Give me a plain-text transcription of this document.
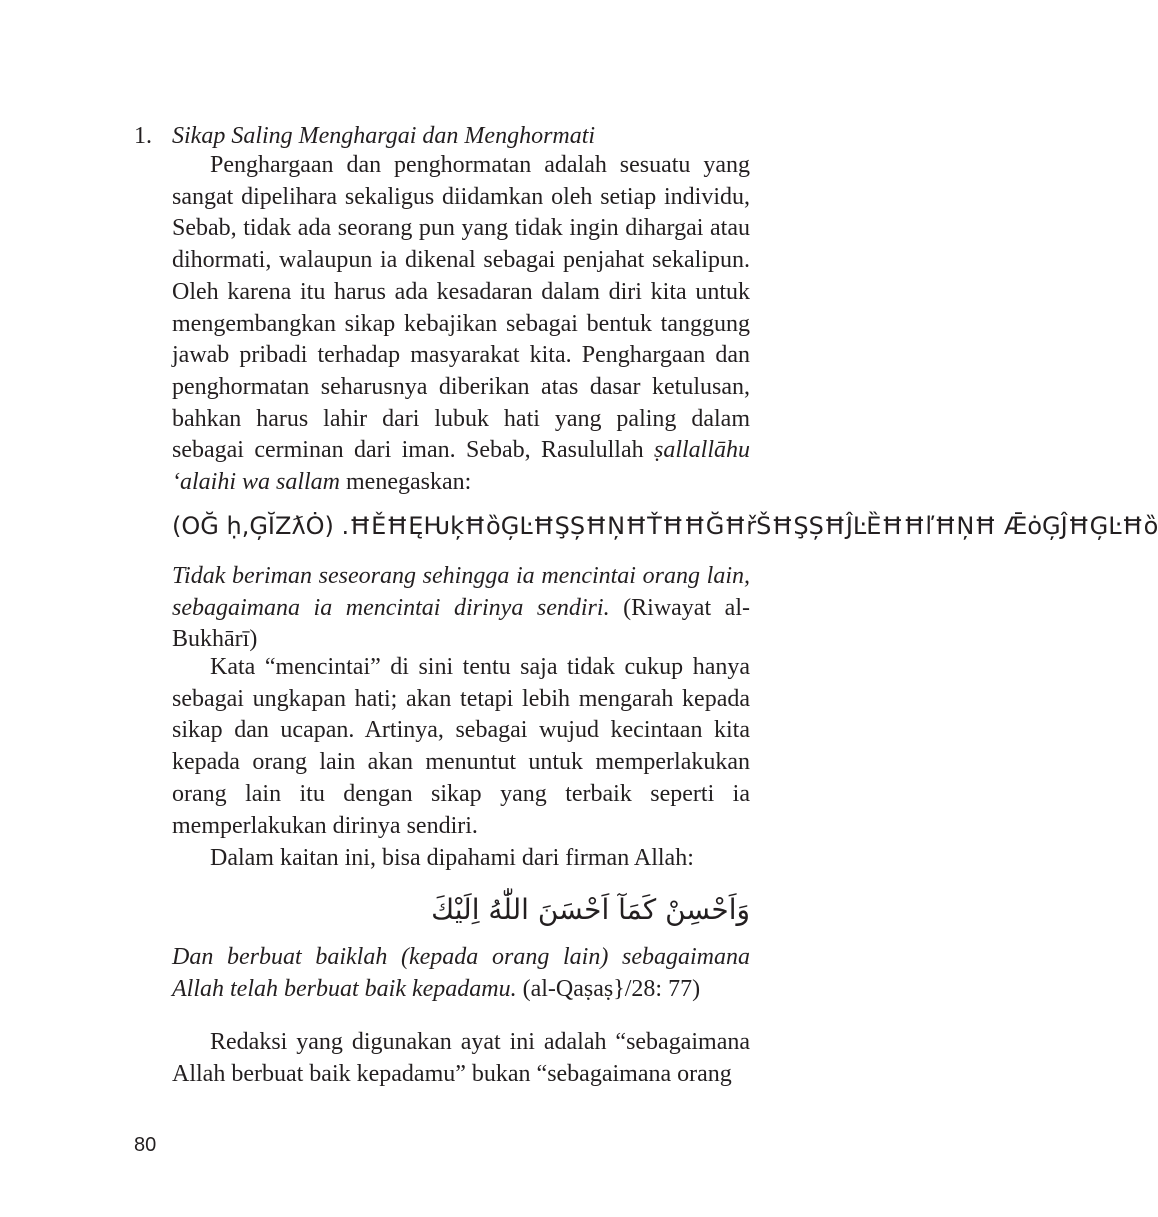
1. Sikap Saling Menghargai dan Menghormati

Penghargaan dan penghormatan adalah sesuatu yang sangat dipelihara sekaligus diidamkan oleh setiap individu, Sebab, tidak ada seorang pun yang tidak ingin dihargai atau dihormati, walaupun ia dikenal sebagai penjahat sekalipun. Oleh karena itu harus ada kesadaran dalam diri kita untuk mengembangkan sikap kebajikan sebagai bentuk tanggung jawab pribadi terhadap masyarakat kita. Penghargaan dan penghormatan seharusnya diberikan atas dasar ketulusan, bahkan harus lahir dari lubuk hati yang paling dalam sebagai cerminan dari iman. Sebab, Rasulullah ṣallallāhu ‘alaihi wa sallam menegaskan:

(OĞ ḥ,ĢĬZƛȮ) .ĦĚĦĘǶķĦȍĢĿĦŞȘĦŅĦŤĦĦĞĦřŠĦŞȘĦĴĿȄĦĦľĦŅĦ ǢȯĢĴĦĢĿĦȍ

Tidak beriman seseorang sehingga ia mencintai orang lain, sebagaimana ia mencintai dirinya sendiri. (Riwayat al-Bukhārī)

Kata “mencintai” di sini tentu saja tidak cukup hanya sebagai ungkapan hati; akan tetapi lebih mengarah kepada sikap dan ucapan. Artinya, sebagai wujud kecintaan kita kepada orang lain akan menuntut untuk memperlakukan orang lain itu dengan sikap yang terbaik seperti ia memperlakukan dirinya sendiri.

Dalam kaitan ini, bisa dipahami dari firman Allah:

وَاَحْسِنْ كَمَآ اَحْسَنَ اللّٰهُ اِلَيْكَ

Dan berbuat baiklah (kepada orang lain) sebagaimana Allah telah berbuat baik kepadamu. (al-Qaṣaṣ}/28: 77)

Redaksi yang digunakan ayat ini adalah “sebagaimana Allah berbuat baik kepadamu” bukan “sebagaimana orang

80
